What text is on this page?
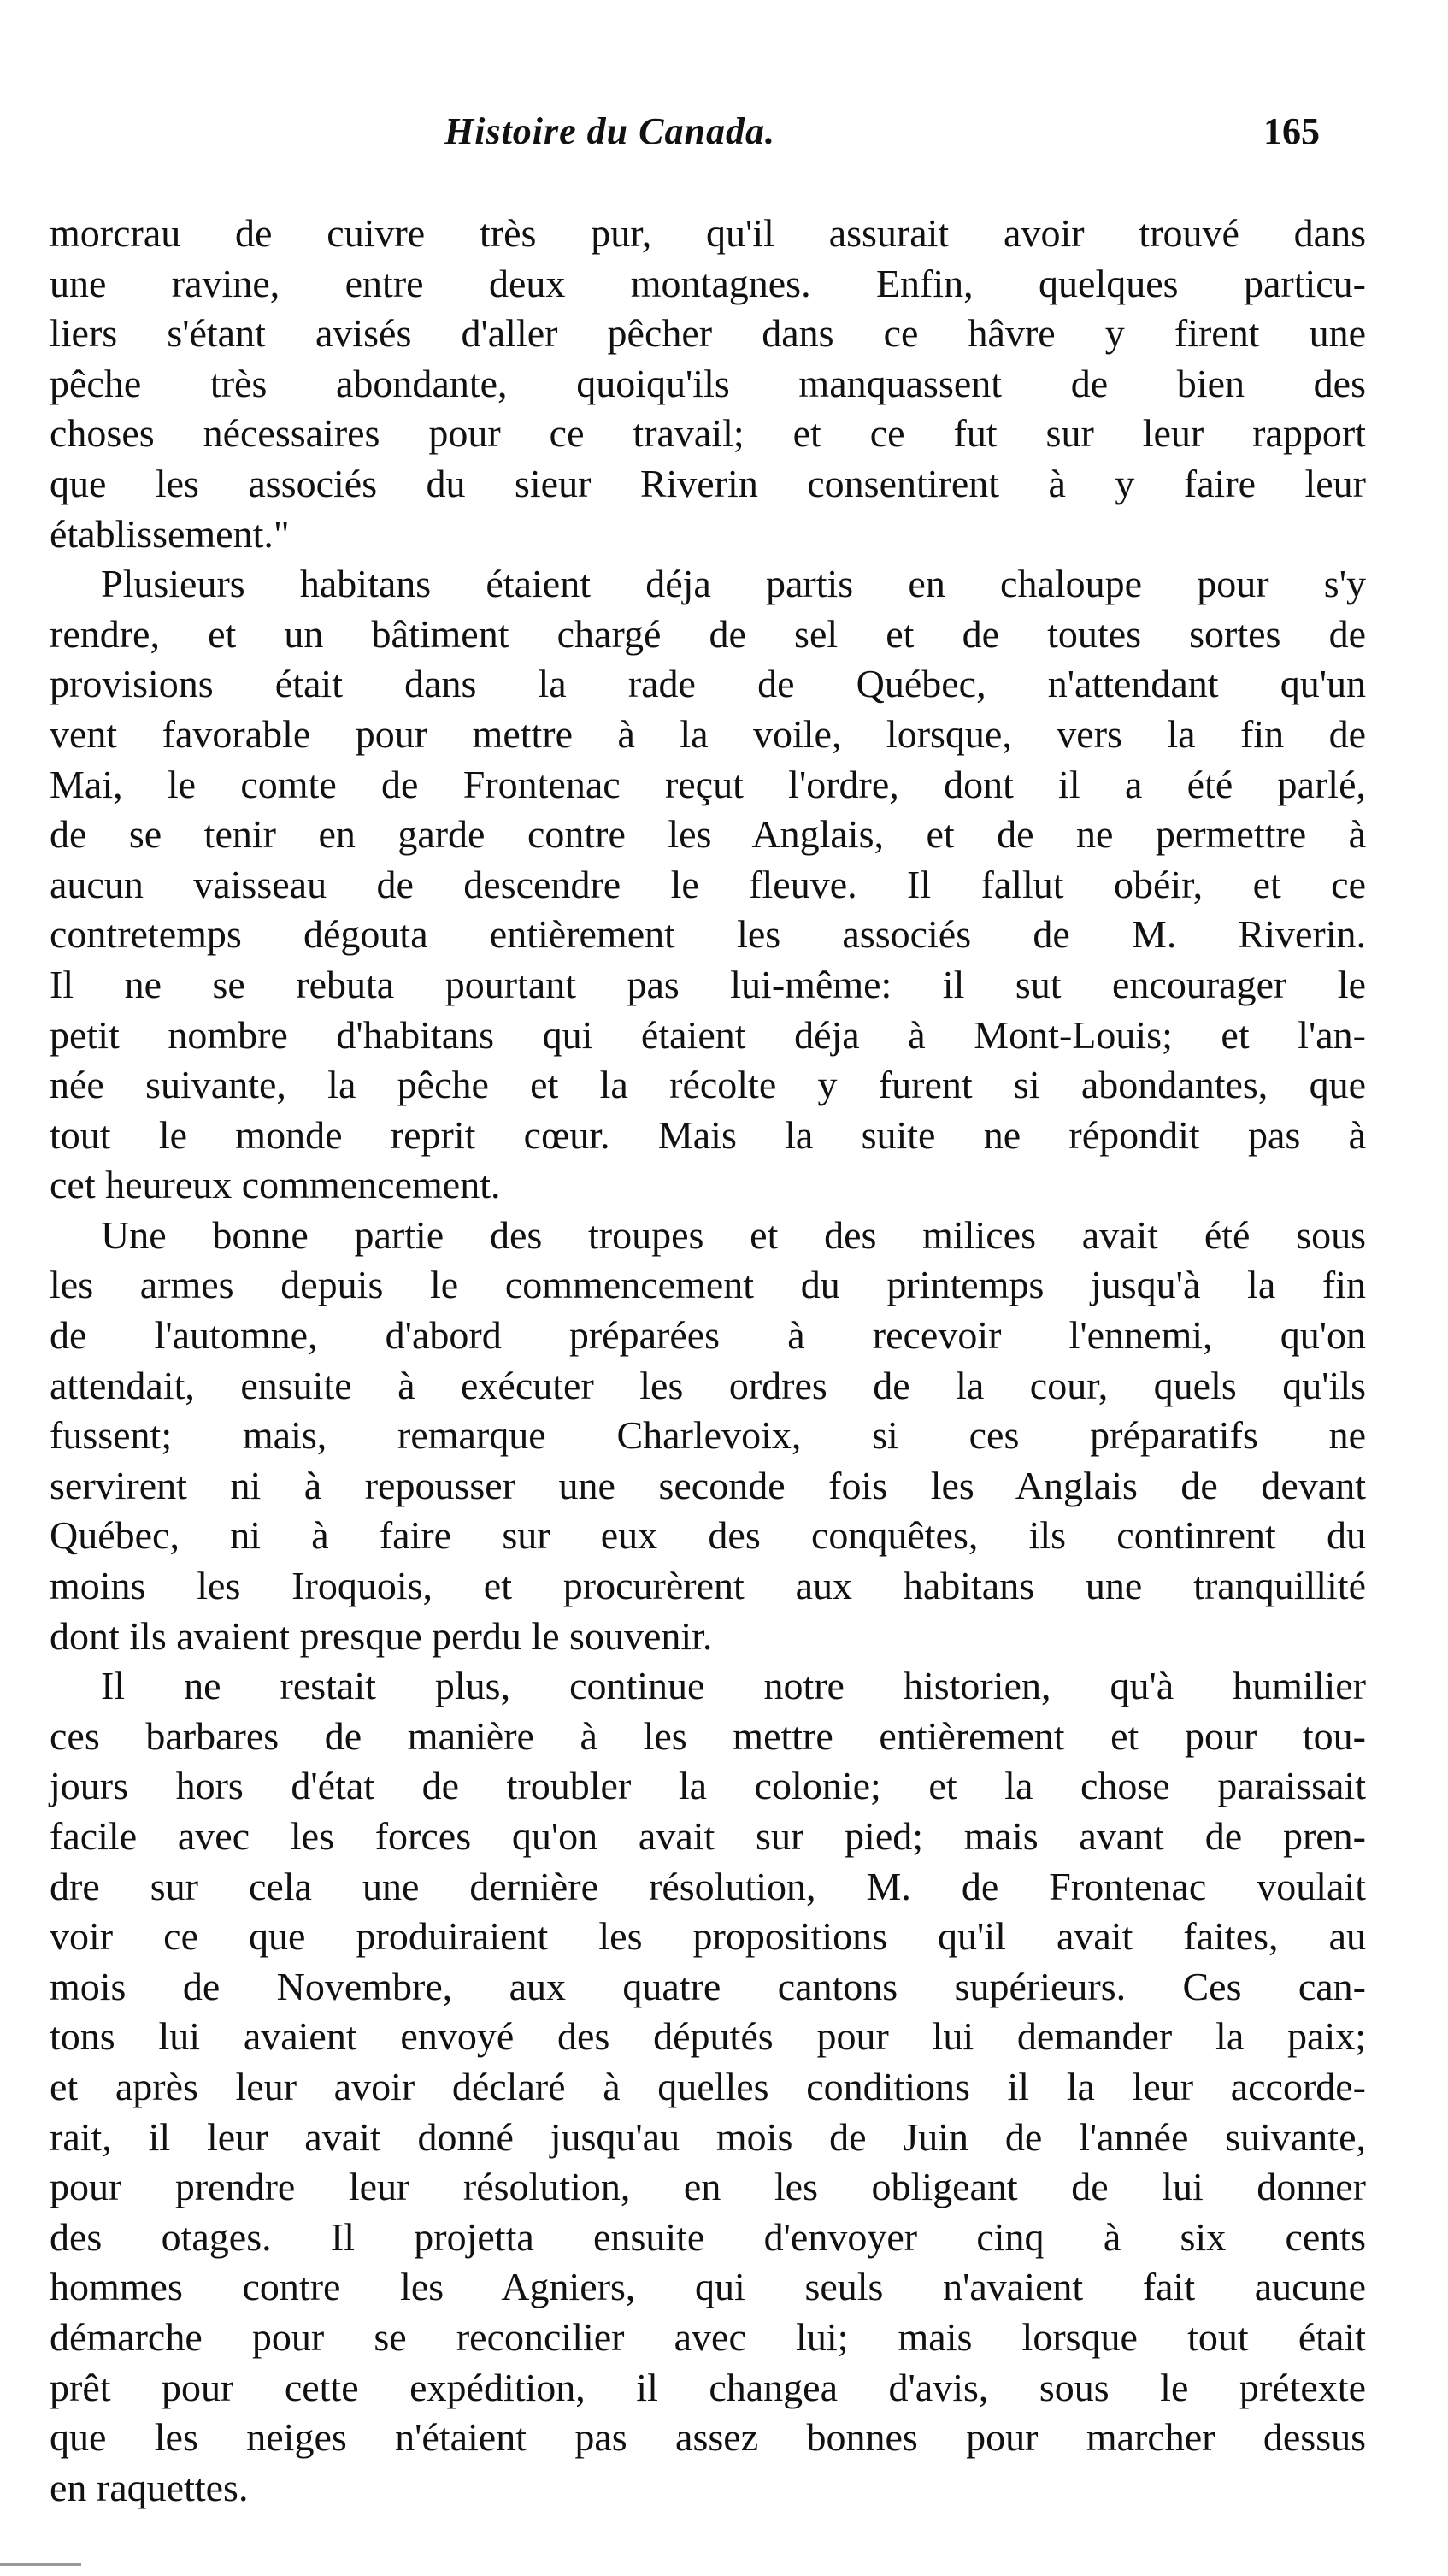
Histoire du Canada.	165
morcrau de cuivre très pur, qu'il assurait avoir trouvé dans
une ravine, entre deux montagnes. Enfin, quelques particu-
liers s'étant avisés d'aller pêcher dans ce hâvre y firent une
pêche très abondante, quoiqu'ils manquassent de bien des
choses nécessaires pour ce travail; et ce fut sur leur rapport
que les associés du sieur Riverin consentirent à y faire leur
établissement."
Plusieurs habitans étaient déja partis en chaloupe pour s'y
rendre, et un bâtiment chargé de sel et de toutes sortes de
provisions était dans la rade de Québec, n'attendant qu'un
vent favorable pour mettre à la voile, lorsque, vers la fin de
Mai, le comte de Frontenac reçut l'ordre, dont il a été parlé,
de se tenir en garde contre les Anglais, et de ne permettre à
aucun vaisseau de descendre le fleuve. Il fallut obéir, et ce
contretemps dégouta entièrement les associés de M. Riverin.
Il ne se rebuta pourtant pas lui-même: il sut encourager le
petit nombre d'habitans qui étaient déja à Mont-Louis; et l'an-
née suivante, la pêche et la récolte y furent si abondantes, que
tout le monde reprit cœur. Mais la suite ne répondit pas à
cet heureux commencement.
Une bonne partie des troupes et des milices avait été sous
les armes depuis le commencement du printemps jusqu'à la fin
de l'automne, d'abord préparées à recevoir l'ennemi, qu'on
attendait, ensuite à exécuter les ordres de la cour, quels qu'ils
fussent; mais, remarque Charlevoix, si ces préparatifs ne
servirent ni à repousser une seconde fois les Anglais de devant
Québec, ni à faire sur eux des conquêtes, ils continrent du
moins les Iroquois, et procurèrent aux habitans une tranquillité
dont ils avaient presque perdu le souvenir.
Il ne restait plus, continue notre historien, qu'à humilier
ces barbares de manière à les mettre entièrement et pour tou-
jours hors d'état de troubler la colonie; et la chose paraissait
facile avec les forces qu'on avait sur pied; mais avant de pren-
dre sur cela une dernière résolution, M. de Frontenac voulait
voir ce que produiraient les propositions qu'il avait faites, au
mois de Novembre, aux quatre cantons supérieurs. Ces can-
tons lui avaient envoyé des députés pour lui demander la paix;
et après leur avoir déclaré à quelles conditions il la leur accorde-
rait, il leur avait donné jusqu'au mois de Juin de l'année suivante,
pour prendre leur résolution, en les obligeant de lui donner
des otages. Il projetta ensuite d'envoyer cinq à six cents
hommes contre les Agniers, qui seuls n'avaient fait aucune
démarche pour se reconcilier avec lui; mais lorsque tout était
prêt pour cette expédition, il changea d'avis, sous le prétexte
que les neiges n'étaient pas assez bonnes pour marcher dessus
en raquettes.
